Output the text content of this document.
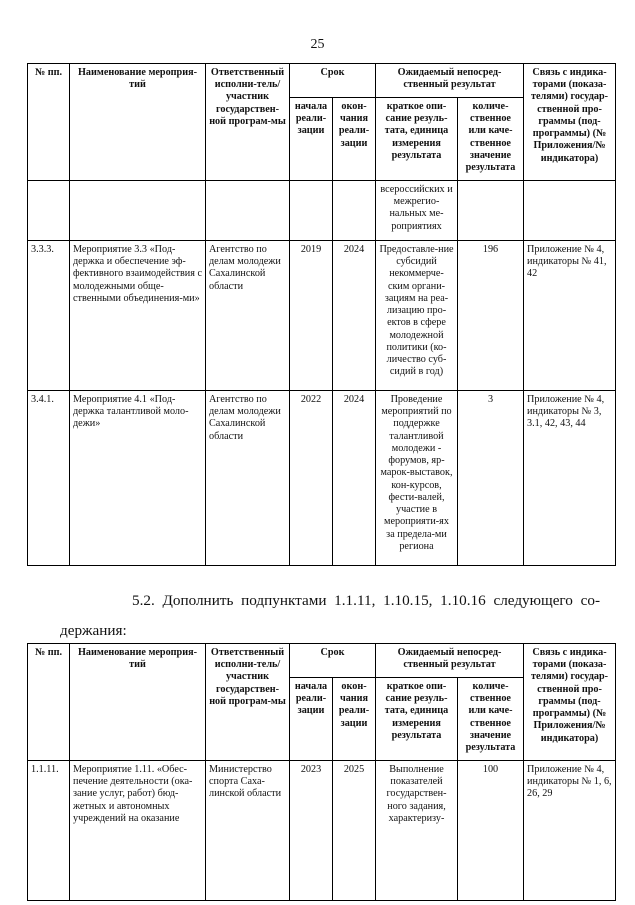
25
№ пп.	Наименование мероприя-тий	Ответственный исполни-тель/участник государствен-ной програм-мы	Срок		Ожидаемый непосред-ственный результат		Связь с индика-торами (показа-телями) государ-ственной про-граммы (под-программы) (№ Приложения/№ индикатора)
			начала реали-зации	окон-чания реали-зации	краткое опи-сание резуль-тата, единица измерения результата	количе-ственное или каче-ственное значение результата	
					всероссийских и межрегио-нальных ме-роприятиях		
3.3.3.	Мероприятие 3.3 «Под-держка и обеспечение эф-фективного взаимодействия с молодежными обще-ственными объединения-ми»	Агентство по делам молодежи Сахалинской области	2019	2024	Предоставле-ние субсидий некоммерче-ским органи-зациям на реа-лизацию про-ектов в сфере молодежной политики (ко-личество суб-сидий в год)	196	Приложение № 4, индикаторы № 41, 42
3.4.1.	Мероприятие 4.1 «Под-держка талантливой моло-дежи»	Агентство по делам молодежи Сахалинской области	2022	2024	Проведение мероприятий по поддержке талантливой молодежи - форумов, яр-марок-выставок, кон-курсов, фести-валей, участие в мероприяти-ях за предела-ми региона	3	Приложение № 4, индикаторы № 3, 3.1, 42, 43, 44
5.2. Дополнить подпунктами 1.1.11, 1.10.15, 1.10.16 следующего со-
держания:
№ пп.	Наименование мероприя-тий	Ответственный исполни-тель/участник государствен-ной програм-мы	Срок		Ожидаемый непосред-ственный результат		Связь с индика-торами (показа-телями) государ-ственной про-граммы (под-программы) (№ Приложения/№ индикатора)
			начала реали-зации	окон-чания реали-зации	краткое опи-сание резуль-тата, единица измерения результата	количе-ственное или каче-ственное значение результата	
1.1.11.	Мероприятие 1.11. «Обес-печение деятельности (ока-зание услуг, работ) бюд-жетных и автономных учреждений на оказание	Министерство спорта Саха-линской области	2023	2025	Выполнение показателей государствен-ного задания, характеризу-	100	Приложение № 4, индикаторы № 1, 6, 26, 29
